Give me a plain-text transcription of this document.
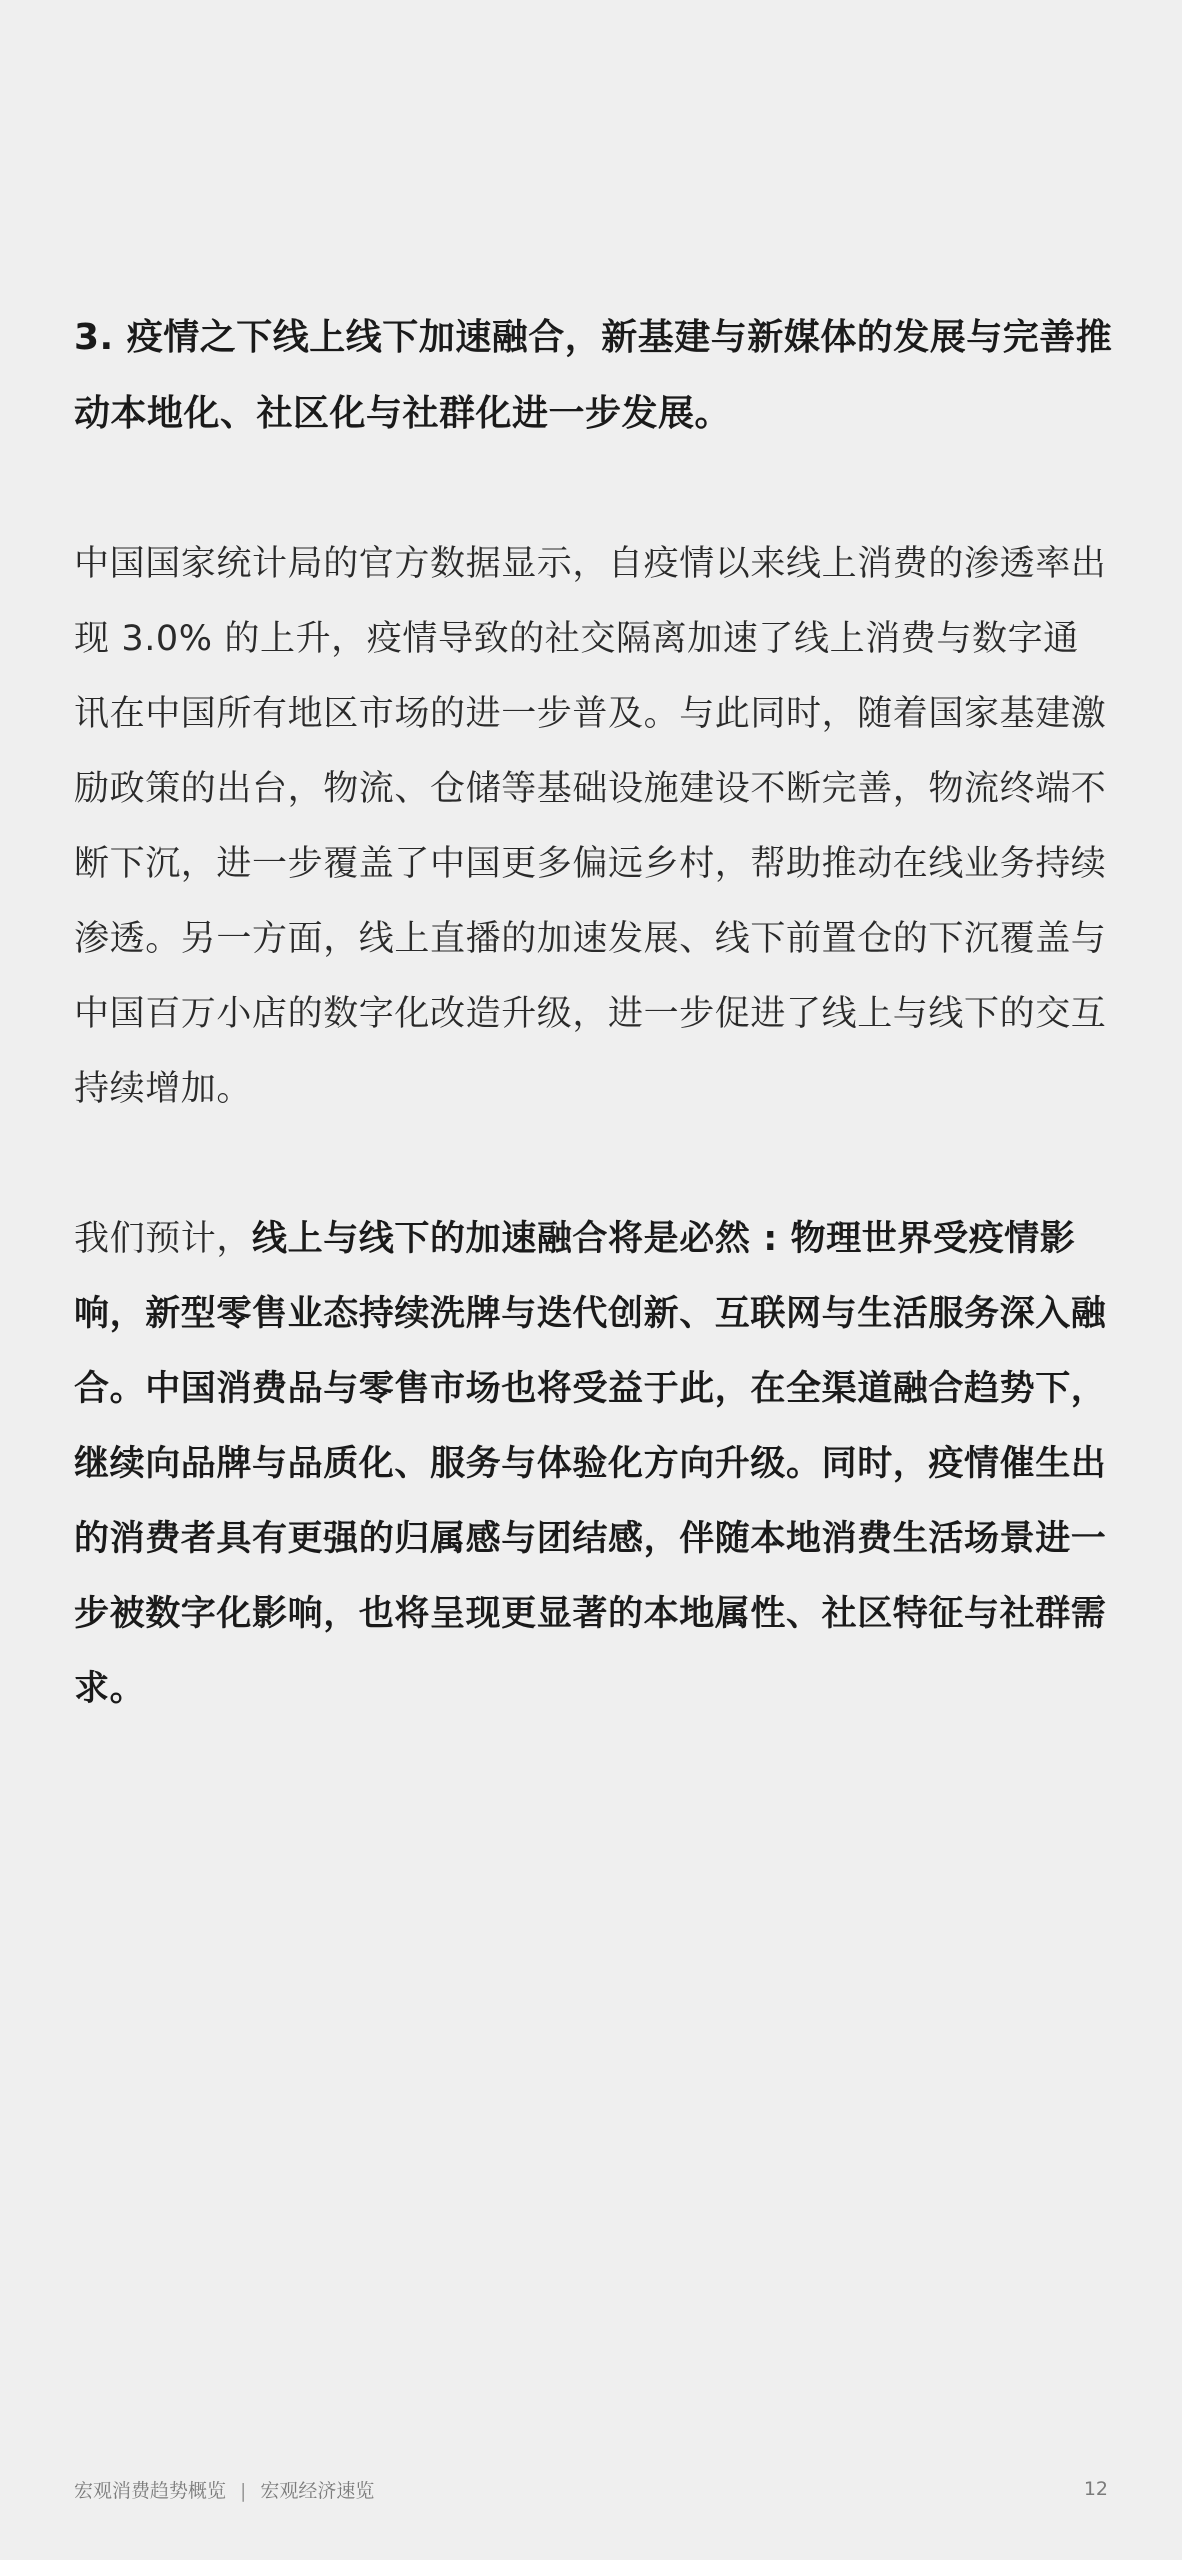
3. 疫情之下线上线下加速融合，新基建与新媒体的发展与完善推动本地化、社区化与社群化进一步发展。

中国国家统计局的官方数据显示，自疫情以来线上消费的渗透率出现 3.0% 的上升，疫情导致的社交隔离加速了线上消费与数字通讯在中国所有地区市场的进一步普及。与此同时，随着国家基建激励政策的出台，物流、仓储等基础设施建设不断完善，物流终端不断下沉，进一步覆盖了中国更多偏远乡村，帮助推动在线业务持续渗透。另一方面，线上直播的加速发展、线下前置仓的下沉覆盖与中国百万小店的数字化改造升级，进一步促进了线上与线下的交互持续增加。

我们预计，线上与线下的加速融合将是必然 : 物理世界受疫情影响，新型零售业态持续洗牌与迭代创新、互联网与生活服务深入融合。中国消费品与零售市场也将受益于此，在全渠道融合趋势下，继续向品牌与品质化、服务与体验化方向升级。同时，疫情催生出的消费者具有更强的归属感与团结感，伴随本地消费生活场景进一步被数字化影响，也将呈现更显著的本地属性、社区特征与社群需求。

宏观消费趋势概览 | 宏观经济速览	12
